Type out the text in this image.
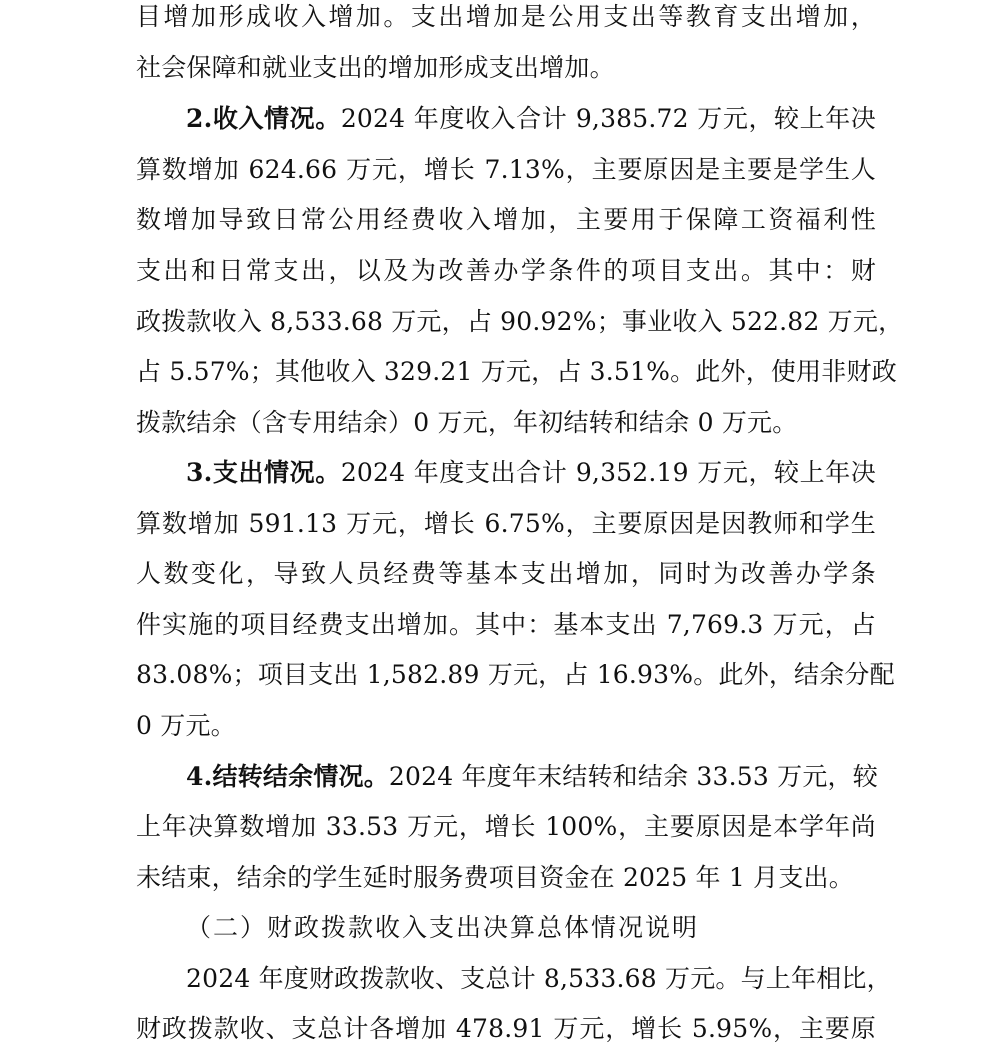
目增加形成收入增加。支出增加是公用支出等教育支出增加，
社会保障和就业支出的增加形成支出增加。
2.收入情况。2024 年度收入合计 9,385.72 万元，较上年决
算数增加 624.66 万元，增长 7.13%，主要原因是主要是学生人
数增加导致日常公用经费收入增加，主要用于保障工资福利性
支出和日常支出，以及为改善办学条件的项目支出。其中：财
政拨款收入 8,533.68 万元，占 90.92%；事业收入 522.82 万元，
占 5.57%；其他收入 329.21 万元，占 3.51%。此外，使用非财政
拨款结余（含专用结余）0 万元，年初结转和结余 0 万元。
3.支出情况。2024 年度支出合计 9,352.19 万元，较上年决
算数增加 591.13 万元，增长 6.75%，主要原因是因教师和学生
人数变化，导致人员经费等基本支出增加，同时为改善办学条
件实施的项目经费支出增加。其中：基本支出 7,769.3 万元，占
83.08%；项目支出 1,582.89 万元，占 16.93%。此外，结余分配
0 万元。
4.结转结余情况。2024 年度年末结转和结余 33.53 万元，较
上年决算数增加 33.53 万元，增长 100%，主要原因是本学年尚
未结束，结余的学生延时服务费项目资金在 2025 年 1 月支出。
（二）财政拨款收入支出决算总体情况说明
2024 年度财政拨款收、支总计 8,533.68 万元。与上年相比，
财政拨款收、支总计各增加 478.91 万元，增长 5.95%，主要原
